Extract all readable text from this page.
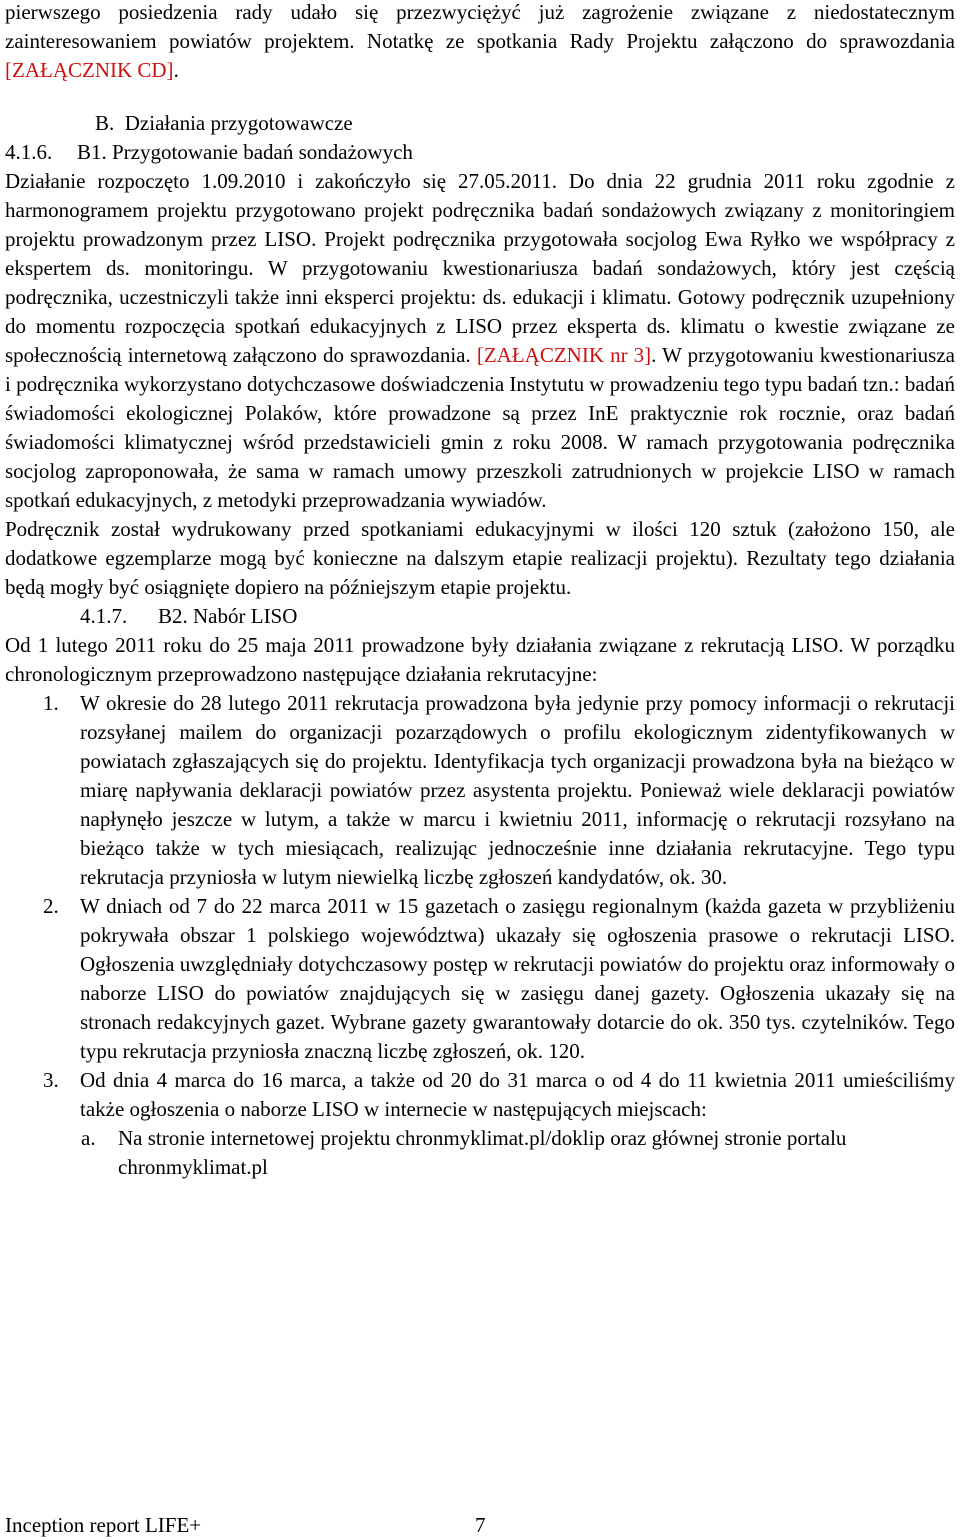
pierwszego posiedzenia rady udało się przezwyciężyć już zagrożenie związane z niedostatecznym zainteresowaniem powiatów projektem. Notatkę ze spotkania Rady Projektu załączono do sprawozdania [ZAŁĄCZNIK CD].

B. Działania przygotowawcze

4.1.6. B1. Przygotowanie badań sondażowych

Działanie rozpoczęto 1.09.2010 i zakończyło się 27.05.2011. Do dnia 22 grudnia 2011 roku zgodnie z harmonogramem projektu przygotowano projekt podręcznika badań sondażowych związany z monitoringiem projektu prowadzonym przez LISO. Projekt podręcznika przygotowała socjolog Ewa Ryłko we współpracy z ekspertem ds. monitoringu. W przygotowaniu kwestionariusza badań sondażowych, który jest częścią podręcznika, uczestniczyli także inni eksperci projektu: ds. edukacji i klimatu. Gotowy podręcznik uzupełniony do momentu rozpoczęcia spotkań edukacyjnych z LISO przez eksperta ds. klimatu o kwestie związane ze społecznością internetową załączono do sprawozdania. [ZAŁĄCZNIK nr 3]. W przygotowaniu kwestionariusza i podręcznika wykorzystano dotychczasowe doświadczenia Instytutu w prowadzeniu tego typu badań tzn.: badań świadomości ekologicznej Polaków, które prowadzone są przez InE praktycznie rok rocznie, oraz badań świadomości klimatycznej wśród przedstawicieli gmin z roku 2008. W ramach przygotowania podręcznika socjolog zaproponowała, że sama w ramach umowy przeszkoli zatrudnionych w projekcie LISO w ramach spotkań edukacyjnych, z metodyki przeprowadzania wywiadów.

Podręcznik został wydrukowany przed spotkaniami edukacyjnymi w ilości 120 sztuk (założono 150, ale dodatkowe egzemplarze mogą być konieczne na dalszym etapie realizacji projektu). Rezultaty tego działania będą mogły być osiągnięte dopiero na późniejszym etapie projektu.

4.1.7. B2. Nabór LISO

Od 1 lutego 2011 roku do 25 maja 2011 prowadzone były działania związane z rekrutacją LISO. W porządku chronologicznym przeprowadzono następujące działania rekrutacyjne:

1. W okresie do 28 lutego 2011 rekrutacja prowadzona była jedynie przy pomocy informacji o rekrutacji rozsyłanej mailem do organizacji pozarządowych o profilu ekologicznym zidentyfikowanych w powiatach zgłaszających się do projektu. Identyfikacja tych organizacji prowadzona była na bieżąco w miarę napływania deklaracji powiatów przez asystenta projektu. Ponieważ wiele deklaracji powiatów napłynęło jeszcze w lutym, a także w marcu i kwietniu 2011, informację o rekrutacji rozsyłano na bieżąco także w tych miesiącach, realizując jednocześnie inne działania rekrutacyjne. Tego typu rekrutacja przyniosła w lutym niewielką liczbę zgłoszeń kandydatów, ok. 30.
2. W dniach od 7 do 22 marca 2011 w 15 gazetach o zasięgu regionalnym (każda gazeta w przybliżeniu pokrywała obszar 1 polskiego województwa) ukazały się ogłoszenia prasowe o rekrutacji LISO. Ogłoszenia uwzględniały dotychczasowy postęp w rekrutacji powiatów do projektu oraz informowały o naborze LISO do powiatów znajdujących się w zasięgu danej gazety. Ogłoszenia ukazały się na stronach redakcyjnych gazet. Wybrane gazety gwarantowały dotarcie do ok. 350 tys. czytelników. Tego typu rekrutacja przyniosła znaczną liczbę zgłoszeń, ok. 120.
3. Od dnia 4 marca do 16 marca, a także od 20 do 31 marca o od 4 do 11 kwietnia 2011 umieściliśmy także ogłoszenia o naborze LISO w internecie w następujących miejscach:
a. Na stronie internetowej projektu chronmyklimat.pl/doklip oraz głównej stronie portalu chronmyklimat.pl
Inception report LIFE+	7
